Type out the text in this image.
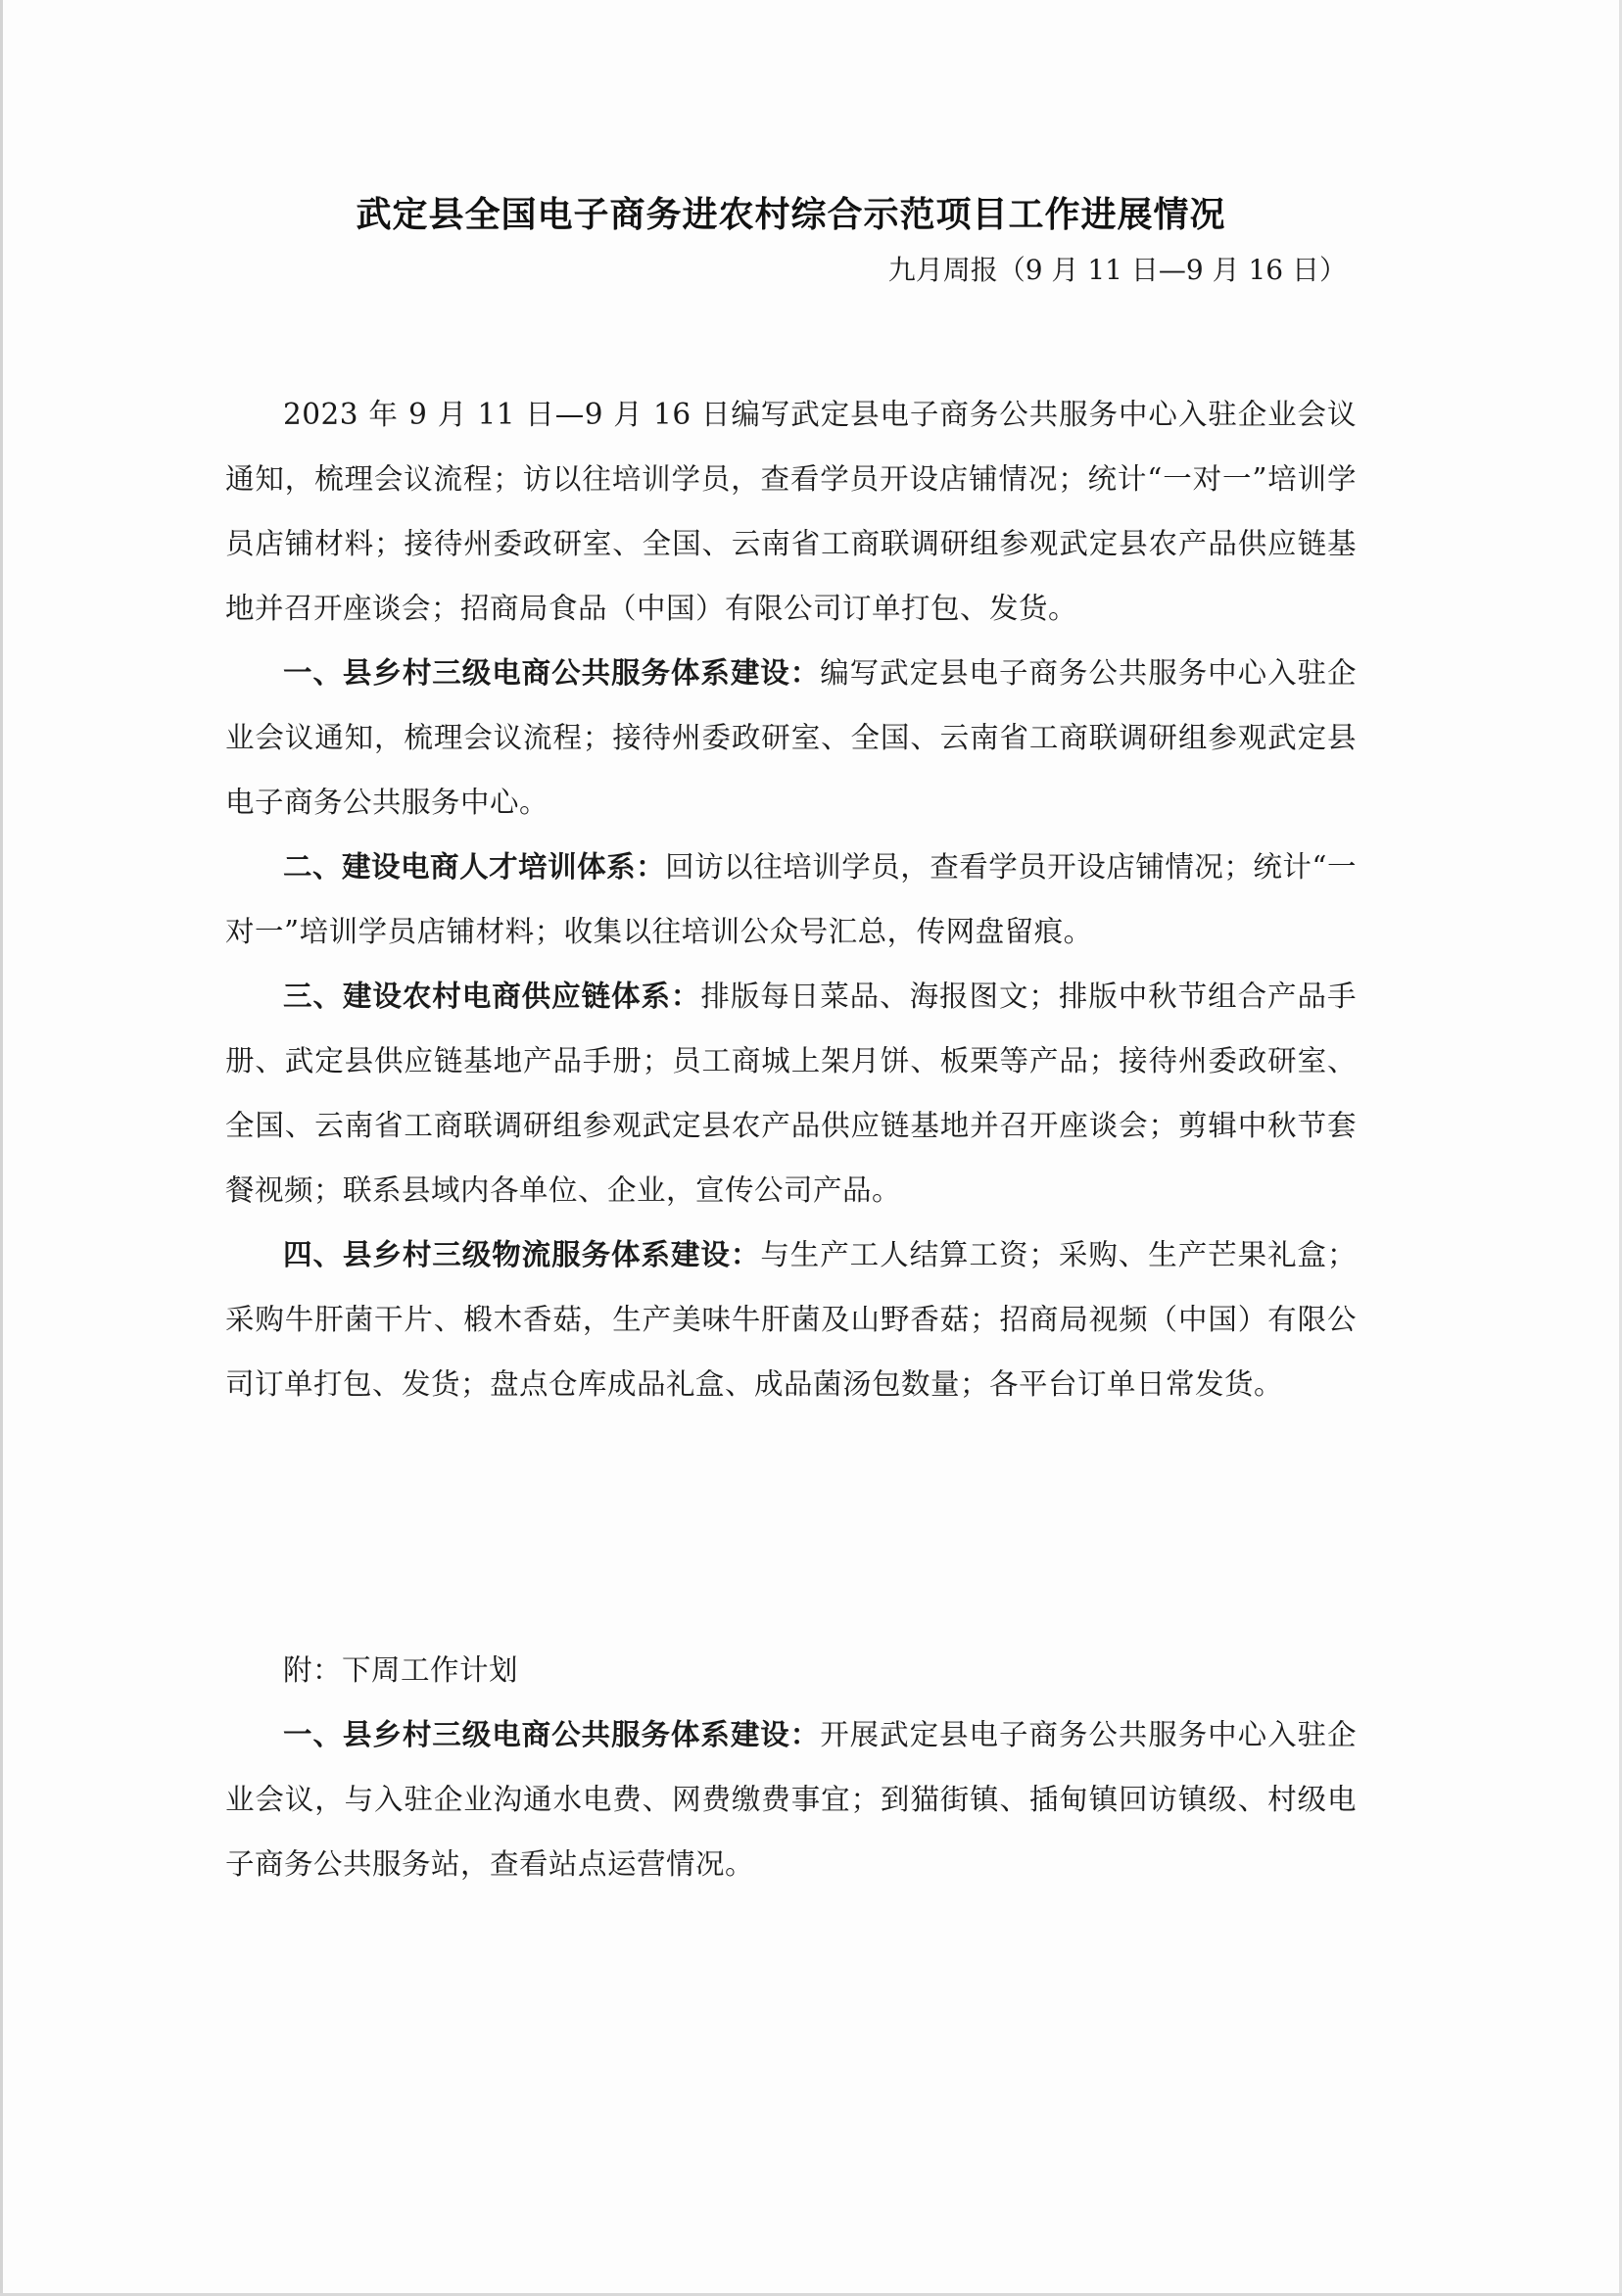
武定县全国电子商务进农村综合示范项目工作进展情况
九月周报（9 月 11 日—9 月 16 日）

2023 年 9 月 11 日—9 月 16 日编写武定县电子商务公共服务中心入驻企业会议通知，梳理会议流程；访以往培训学员，查看学员开设店铺情况；统计“一对一”培训学员店铺材料；接待州委政研室、全国、云南省工商联调研组参观武定县农产品供应链基地并召开座谈会；招商局食品（中国）有限公司订单打包、发货。

一、县乡村三级电商公共服务体系建设：编写武定县电子商务公共服务中心入驻企业会议通知，梳理会议流程；接待州委政研室、全国、云南省工商联调研组参观武定县电子商务公共服务中心。

二、建设电商人才培训体系：回访以往培训学员，查看学员开设店铺情况；统计“一对一”培训学员店铺材料；收集以往培训公众号汇总，传网盘留痕。

三、建设农村电商供应链体系：排版每日菜品、海报图文；排版中秋节组合产品手册、武定县供应链基地产品手册；员工商城上架月饼、板栗等产品；接待州委政研室、全国、云南省工商联调研组参观武定县农产品供应链基地并召开座谈会；剪辑中秋节套餐视频；联系县域内各单位、企业，宣传公司产品。

四、县乡村三级物流服务体系建设：与生产工人结算工资；采购、生产芒果礼盒；采购牛肝菌干片、椴木香菇，生产美味牛肝菌及山野香菇；招商局视频（中国）有限公司订单打包、发货；盘点仓库成品礼盒、成品菌汤包数量；各平台订单日常发货。

附：下周工作计划

一、县乡村三级电商公共服务体系建设：开展武定县电子商务公共服务中心入驻企业会议，与入驻企业沟通水电费、网费缴费事宜；到猫街镇、插甸镇回访镇级、村级电子商务公共服务站，查看站点运营情况。
